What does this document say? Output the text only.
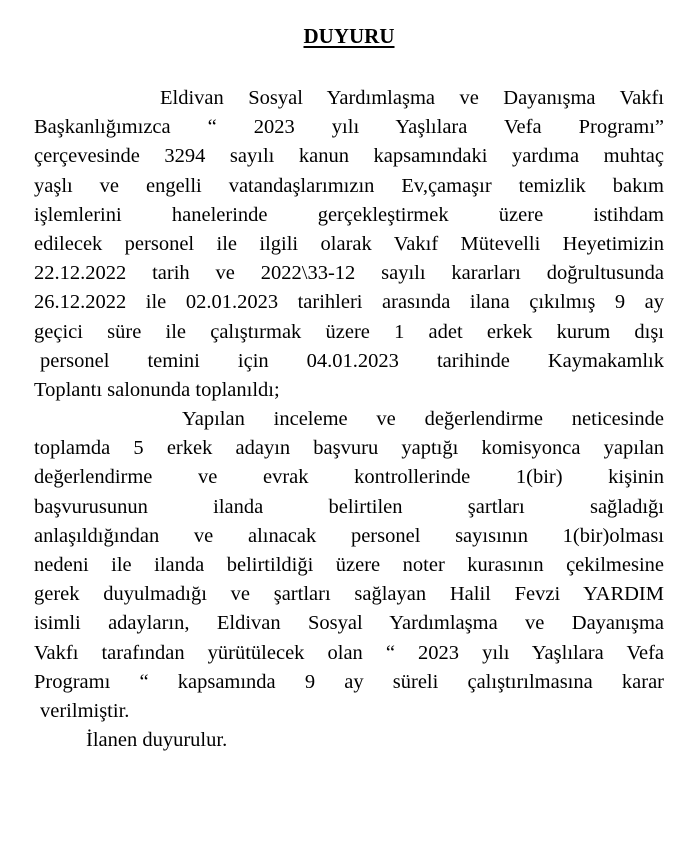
DUYURU
Eldivan Sosyal Yardımlaşma ve Dayanışma Vakfı
Başkanlığımızca “ 2023 yılı Yaşlılara Vefa Programı”
çerçevesinde 3294 sayılı kanun kapsamındaki yardıma muhtaç
yaşlı ve engelli vatandaşlarımızın Ev,çamaşır temizlik bakım
işlemlerini hanelerinde gerçekleştirmek üzere istihdam
edilecek personel ile ilgili olarak Vakıf Mütevelli Heyetimizin
22.12.2022 tarih ve 2022\33-12 sayılı kararları doğrultusunda
26.12.2022 ile 02.01.2023 tarihleri arasında ilana çıkılmış 9 ay
geçici süre ile çalıştırmak üzere 1 adet erkek kurum dışı
personel temini için 04.01.2023 tarihinde Kaymakamlık
Toplantı salonunda toplanıldı;
Yapılan inceleme ve değerlendirme neticesinde
toplamda 5 erkek adayın başvuru yaptığı komisyonca yapılan
değerlendirme ve evrak kontrollerinde 1(bir) kişinin
başvurusunun ilanda belirtilen şartları sağladığı
anlaşıldığından ve alınacak personel sayısının 1(bir)olması
nedeni ile ilanda belirtildiği üzere noter kurasının çekilmesine
gerek duyulmadığı ve şartları sağlayan Halil Fevzi YARDIM
isimli adayların, Eldivan Sosyal Yardımlaşma ve Dayanışma
Vakfı tarafından yürütülecek olan “ 2023 yılı Yaşlılara Vefa
Programı “ kapsamında 9 ay süreli çalıştırılmasına karar
verilmiştir.
İlanen duyurulur.
